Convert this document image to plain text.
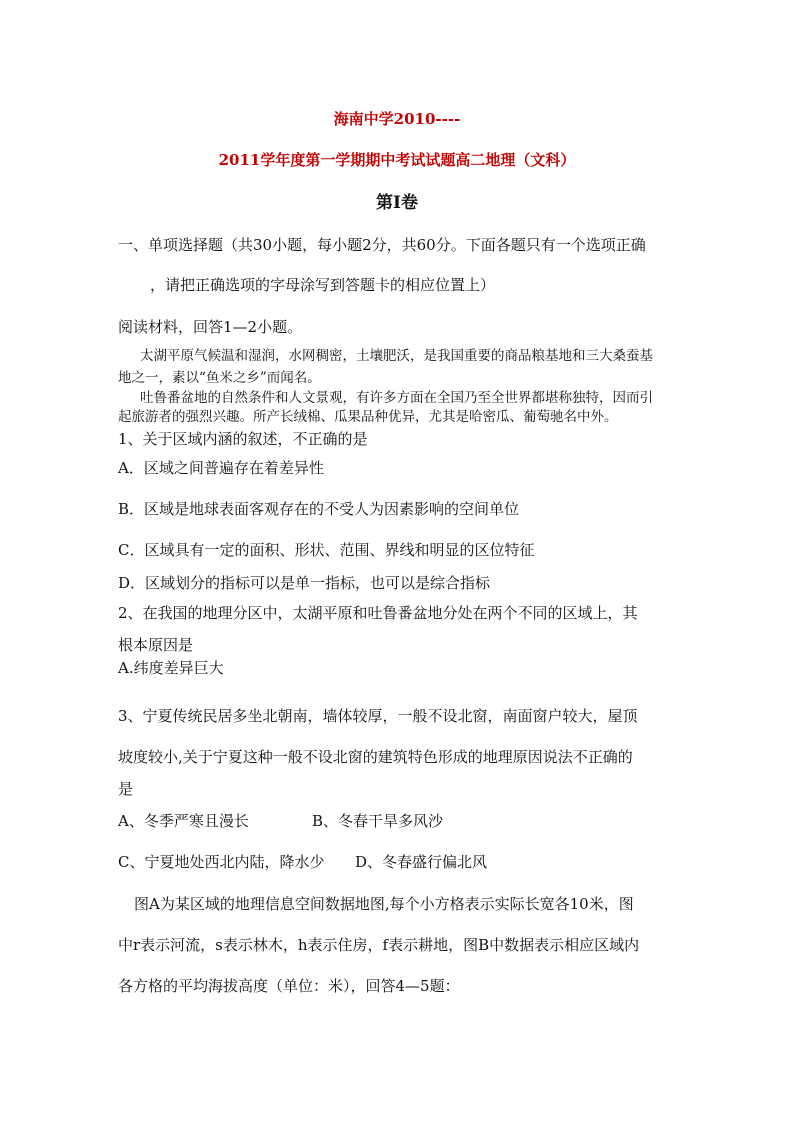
海南中学2010----
2011学年度第一学期期中考试试题高二地理（文科）
第Ⅰ卷
一、单项选择题（共30小题，每小题2分，共60分。下面各题只有一个选项正确
，请把正确选项的字母涂写到答题卡的相应位置上）
阅读材料，回答1—2小题。
太湖平原气候温和湿润，水网稠密，土壤肥沃，是我国重要的商品粮基地和三大桑蚕基
地之一，素以“鱼米之乡”而闻名。
吐鲁番盆地的自然条件和人文景观，有许多方面在全国乃至全世界都堪称独特，因而引
起旅游者的强烈兴趣。所产长绒棉、瓜果品种优异，尤其是哈密瓜、葡萄驰名中外。
1、关于区域内涵的叙述，不正确的是
A．区域之间普遍存在着差异性
B．区域是地球表面客观存在的不受人为因素影响的空间单位
C．区域具有一定的面积、形状、范围、界线和明显的区位特征
D．区域划分的指标可以是单一指标，也可以是综合指标
2、在我国的地理分区中，太湖平原和吐鲁番盆地分处在两个不同的区域上，其
根本原因是
A.纬度差异巨大
3、宁夏传统民居多坐北朝南，墙体较厚，一般不设北窗，南面窗户较大，屋顶
坡度较小,关于宁夏这种一般不设北窗的建筑特色形成的地理原因说法不正确的
是
A、冬季严寒且漫长	B、冬春干旱多风沙
C、宁夏地处西北内陆，降水少 D、冬春盛行偏北风
图A为某区域的地理信息空间数据地图,每个小方格表示实际长宽各10米，图
中r表示河流，s表示林木，h表示住房，f表示耕地，图B中数据表示相应区域内
各方格的平均海拔高度（单位：米），回答4—5题：
